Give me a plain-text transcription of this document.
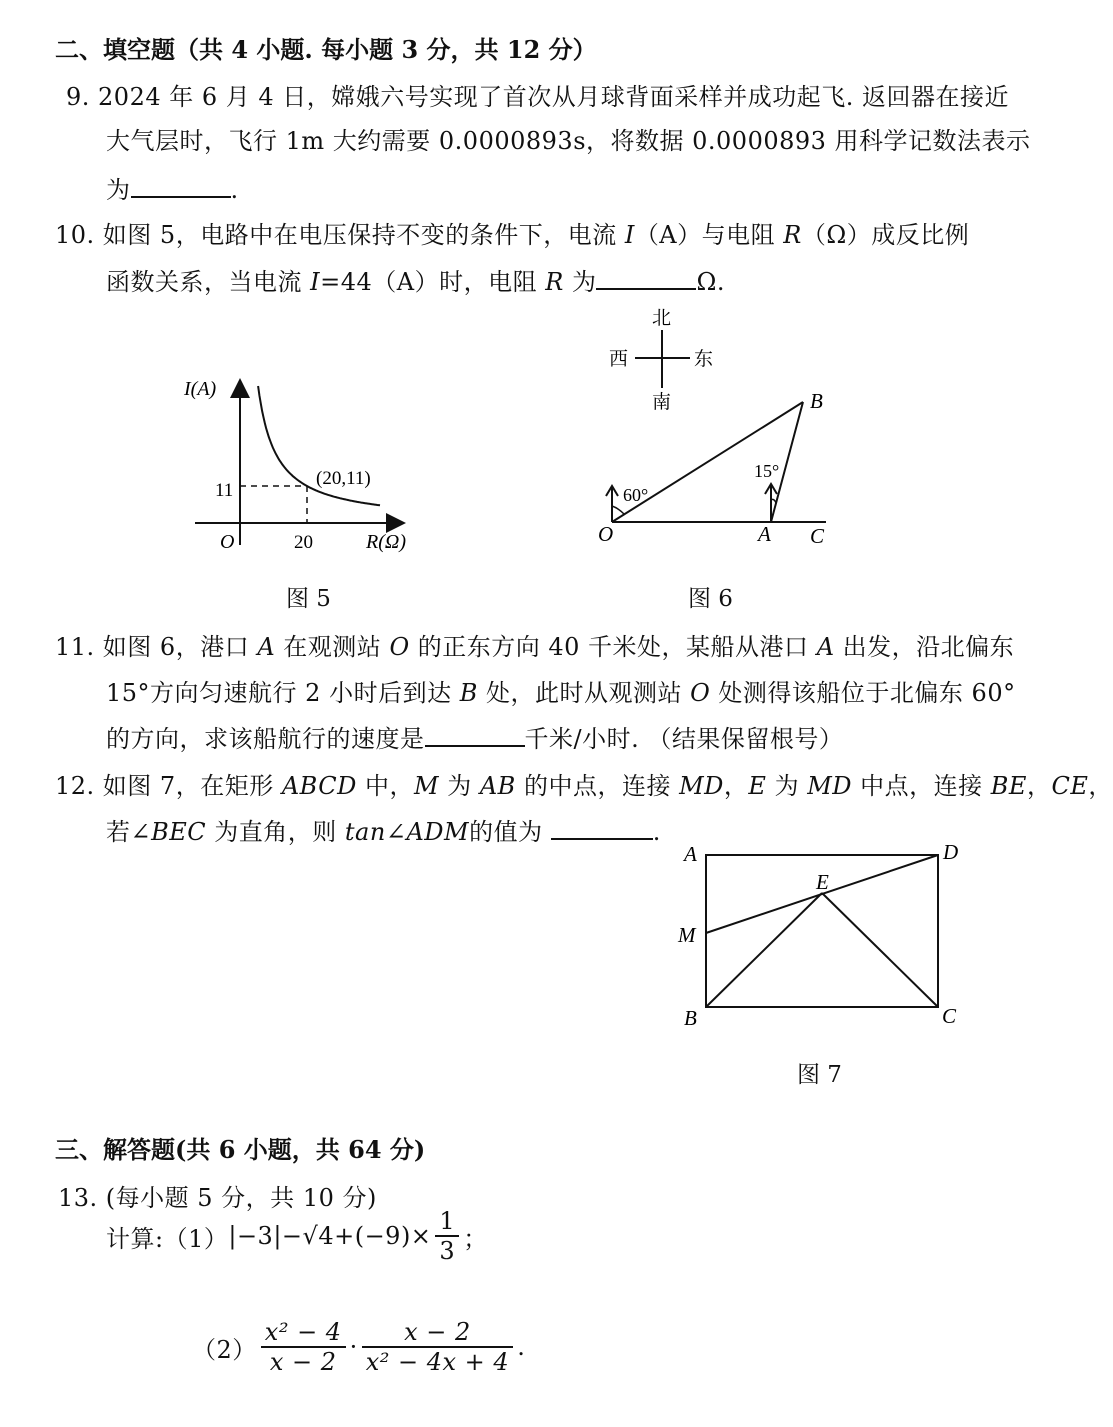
二、填空题（共 4 小题. 每小题 3 分，共 12 分）
9. 2024 年 6 月 4 日，嫦娥六号实现了首次从月球背面采样并成功起飞. 返回器在接近
大气层时，飞行 1m 大约需要 0.0000893s，将数据 0.0000893 用科学记数法表示
为	.
10. 如图 5，电路中在电压保持不变的条件下，电流 I（A）与电阻 R（Ω）成反比例
函数关系，当电流 I=44（A）时，电阻 R 为	Ω.
I(A)
11
O	20	R(Ω)
(20,11)
图 5
北
南
西	东
60°
15°
O	A
B
C
图 6
11. 如图 6，港口 A 在观测站 O 的正东方向 40 千米处，某船从港口 A 出发，沿北偏东
15°方向匀速航行 2 小时后到达 B 处，此时从观测站 O 处测得该船位于北偏东 60°
的方向，求该船航行的速度是	千米/小时. （结果保留根号）
12. 如图 7，在矩形 ABCD 中，M 为 AB 的中点，连接 MD，E 为 MD 中点，连接 BE，CE，
若∠BEC 为直角，则 tan∠ADM的值为	.
A	D
M
E
B	C
图 7
三、解答题(共 6 小题，共 64 分)
13. (每小题 5 分，共 10 分)
计算:（1） $|-3| - √4 +(-9)\times \frac{1}{3}$ ；
$(2) \frac{\text{x² − 4}}{x - 2} \cdot \frac{x - 2}{\text{x² − 4x + 4}}$ .
